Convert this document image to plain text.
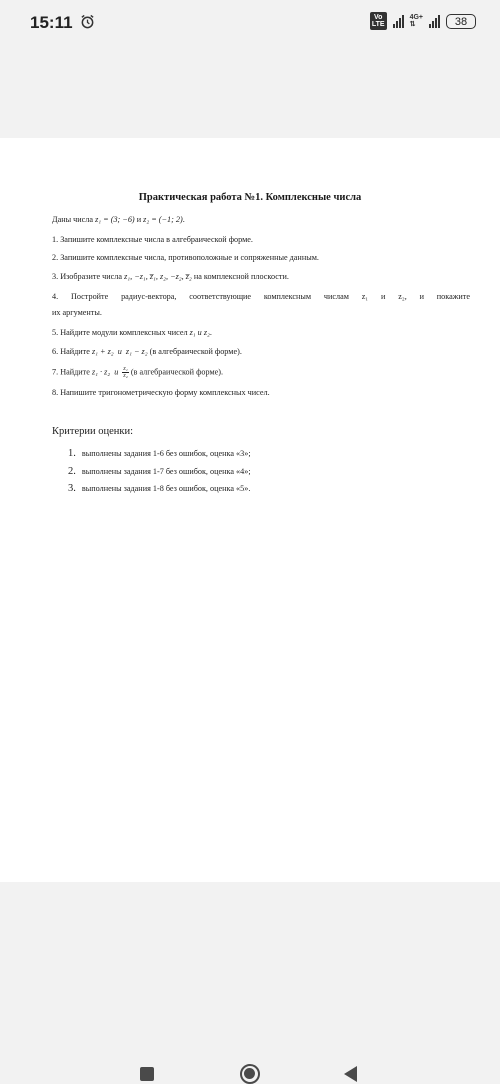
15:11	Vo
LTE
4G+
⇅	38
Практическая работа №1. Комплексные числа
Даны числа z₁ = (3; −6) и z₂ = (−1; 2).
1. Запишите комплексные числа в алгебраической форме.
2. Запишите комплексные числа, противоположные и сопряженные данным.
3. Изобразите числа z₁, −z₁, z̅₁, z₂, −z₂, z̅₂ на комплексной плоскости.
4. Постройте радиус-вектора, соответствующие комплексным числам z₁ и z₂, и покажите
их аргументы.
5. Найдите модули комплексных чисел z₁ и z₂.
6. Найдите z₁ + z₂  и  z₁ − z₂ (в алгебраической форме).
7. Найдите z₁ · z₂  и $\frac{\text{z₁}}{\text{z₂}} (в$ алгебраической форме).
8. Напишите тригонометрическую форму комплексных чисел.
Критерии оценки:
1. выполнены задания 1-6 без ошибок, оценка «3»;
2. выполнены задания 1-7 без ошибок, оценка «4»;
3. выполнены задания 1-8 без ошибок, оценка «5».
